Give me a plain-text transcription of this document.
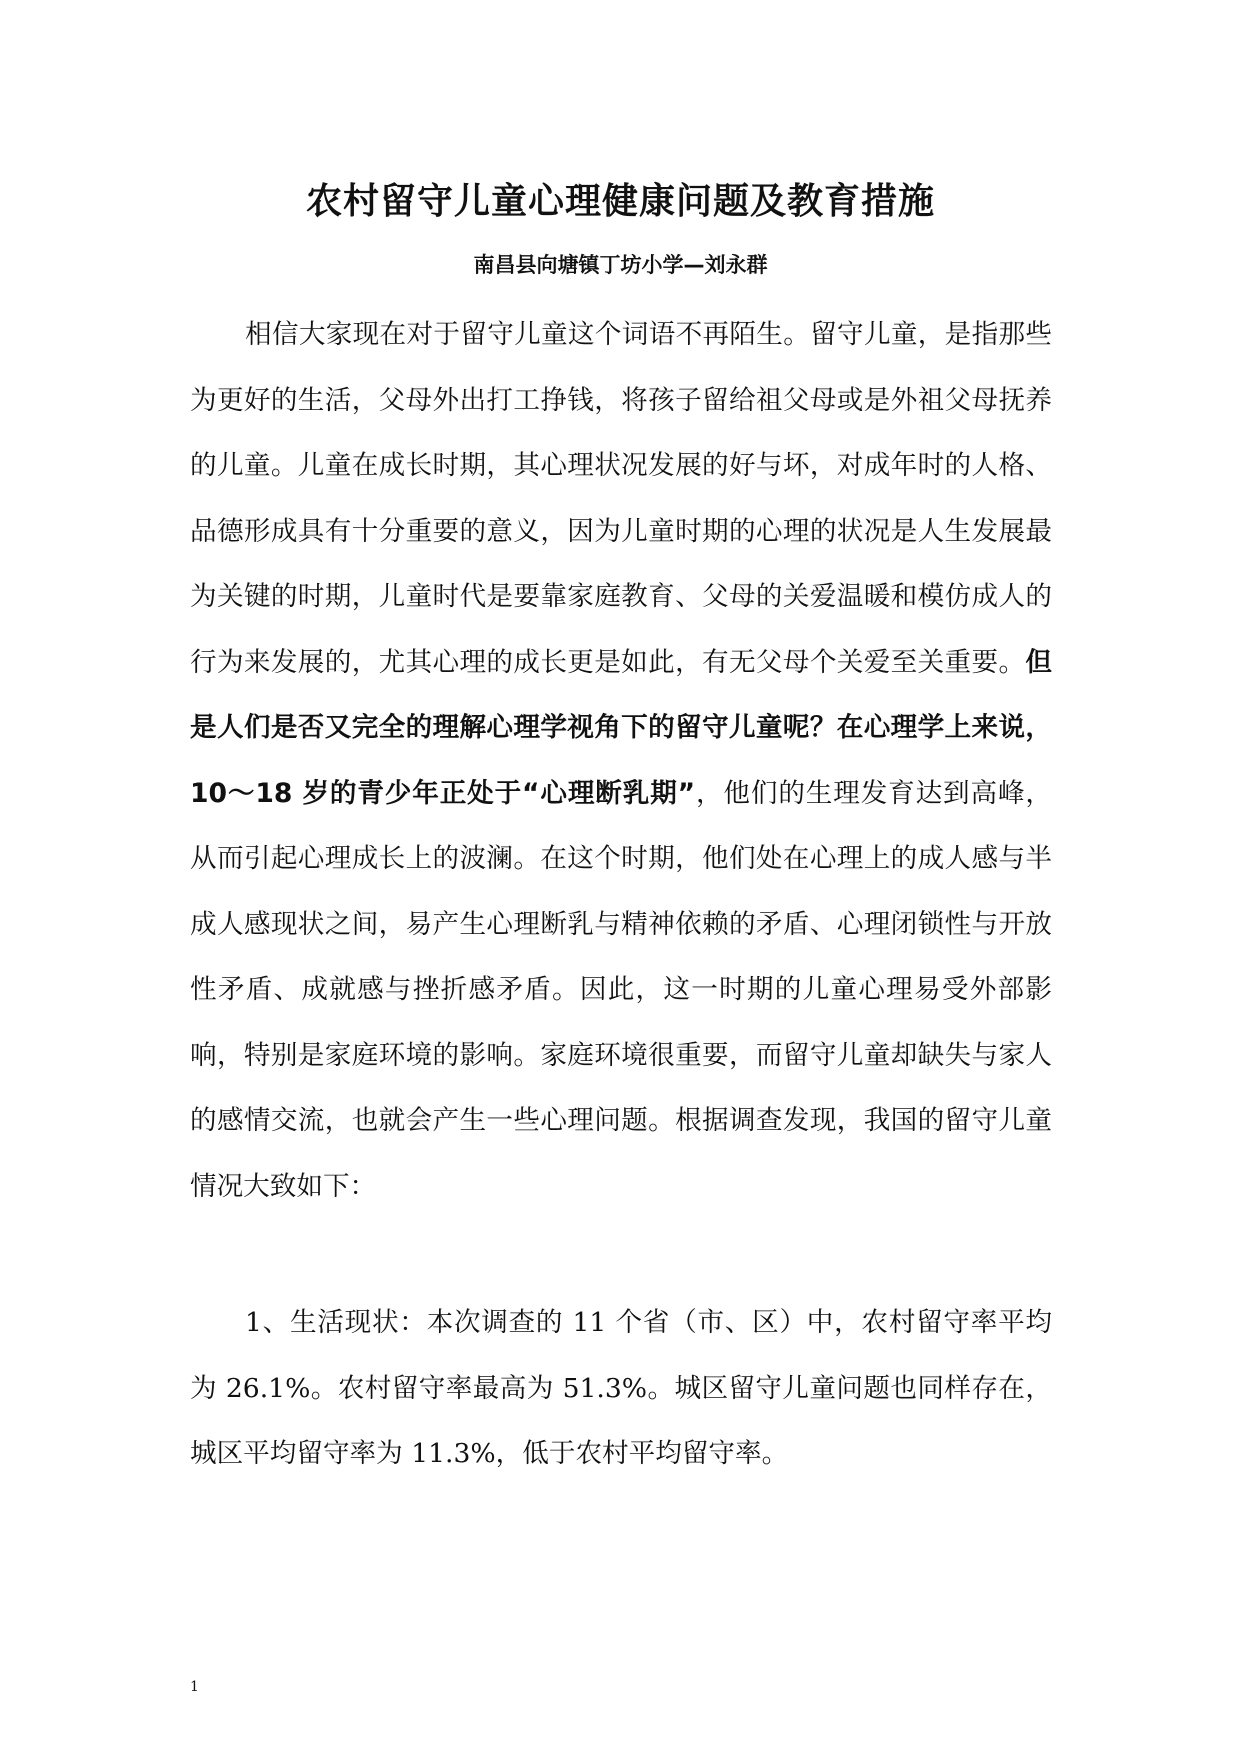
农村留守儿童心理健康问题及教育措施
南昌县向塘镇丁坊小学—刘永群

相信大家现在对于留守儿童这个词语不再陌生。留守儿童，是指那些为更好的生活，父母外出打工挣钱，将孩子留给祖父母或是外祖父母抚养的儿童。儿童在成长时期，其心理状况发展的好与坏，对成年时的人格、品德形成具有十分重要的意义，因为儿童时期的心理的状况是人生发展最为关键的时期，儿童时代是要靠家庭教育、父母的关爱温暖和模仿成人的行为来发展的，尤其心理的成长更是如此，有无父母个关爱至关重要。但是人们是否又完全的理解心理学视角下的留守儿童呢？在心理学上来说，10～18 岁的青少年正处于“心理断乳期”，他们的生理发育达到高峰，从而引起心理成长上的波澜。在这个时期，他们处在心理上的成人感与半成人感现状之间，易产生心理断乳与精神依赖的矛盾、心理闭锁性与开放性矛盾、成就感与挫折感矛盾。因此，这一时期的儿童心理易受外部影响，特别是家庭环境的影响。家庭环境很重要，而留守儿童却缺失与家人的感情交流，也就会产生一些心理问题。根据调查发现，我国的留守儿童情况大致如下：

1、生活现状：本次调查的 11 个省（市、区）中，农村留守率平均为 26.1%。农村留守率最高为 51.3%。城区留守儿童问题也同样存在，城区平均留守率为 11.3%，低于农村平均留守率。

1
